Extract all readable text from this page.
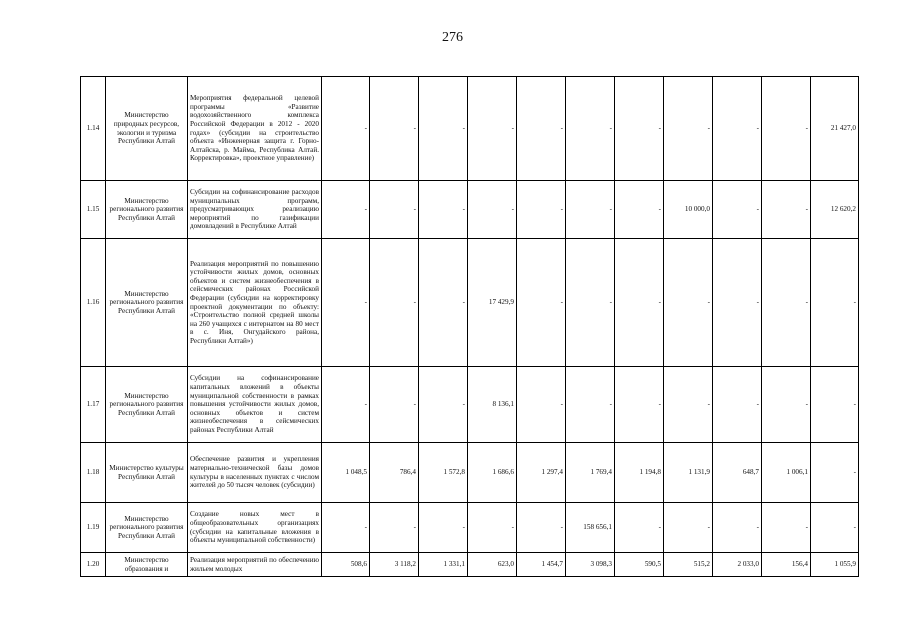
276
1.14	Министерство природных ресурсов, экологии и туризма Республики Алтай	Мероприятия федеральной целевой программы «Развитие водохозяйственного комплекса Российской Федерации в 2012 - 2020 годах» (субсидии на строительство объекта «Инженерная защита г. Горно-Алтайска, р. Майма, Республика Алтай. Корректировка», проектное управление)	-	-	-	-	-	-	-	-	-	-	21 427,0
1.15	Министерство регионального развития Республики Алтай	Субсидии на софинансирование расходов муниципальных программ, предусматривающих реализацию мероприятий по газификации домовладений в Республике Алтай	-	-	-	-	-	-	-	10 000,0	-	-	12 620,2
1.16	Министерство регионального развития Республики Алтай	Реализация мероприятий по повышению устойчивости жилых домов, основных объектов и систем жизнеобеспечения в сейсмических районах Российской Федерации (субсидии на корректировку проектной документации по объекту: «Строительство полной средней школы на 260 учащихся с интернатом на 80 мест в с. Иня, Онгудайского района, Республики Алтай»)	-	-	-	17 429,9	-	-	-	-	-	-	-
1.17	Министерство регионального развития Республики Алтай	Субсидии на софинансирование капитальных вложений в объекты муниципальной собственности в рамках повышения устойчивости жилых домов, основных объектов и систем жизнеобеспечения в сейсмических районах Республики Алтай	-	-	-	8 136,1	-	-	-	-	-	-	-
1.18	Министерство культуры Республики Алтай	Обеспечение развития и укрепления материально-технической базы домов культуры в населенных пунктах с числом жителей до 50 тысяч человек (субсидии)	1 048,5	786,4	1 572,8	1 686,6	1 297,4	1 769,4	1 194,8	1 131,9	648,7	1 006,1	-
1.19	Министерство регионального развития Республики Алтай	Создание новых мест в общеобразовательных организациях (субсидии на капитальные вложения в объекты муниципальной собственности)	-	-	-	-	-	158 656,1	-	-	-	-	-
1.20	Министерство образования и	Реализация мероприятий по обеспечению жильем молодых	508,6	3 118,2	1 331,1	623,0	1 454,7	3 098,3	590,5	515,2	2 033,0	156,4	1 055,9
